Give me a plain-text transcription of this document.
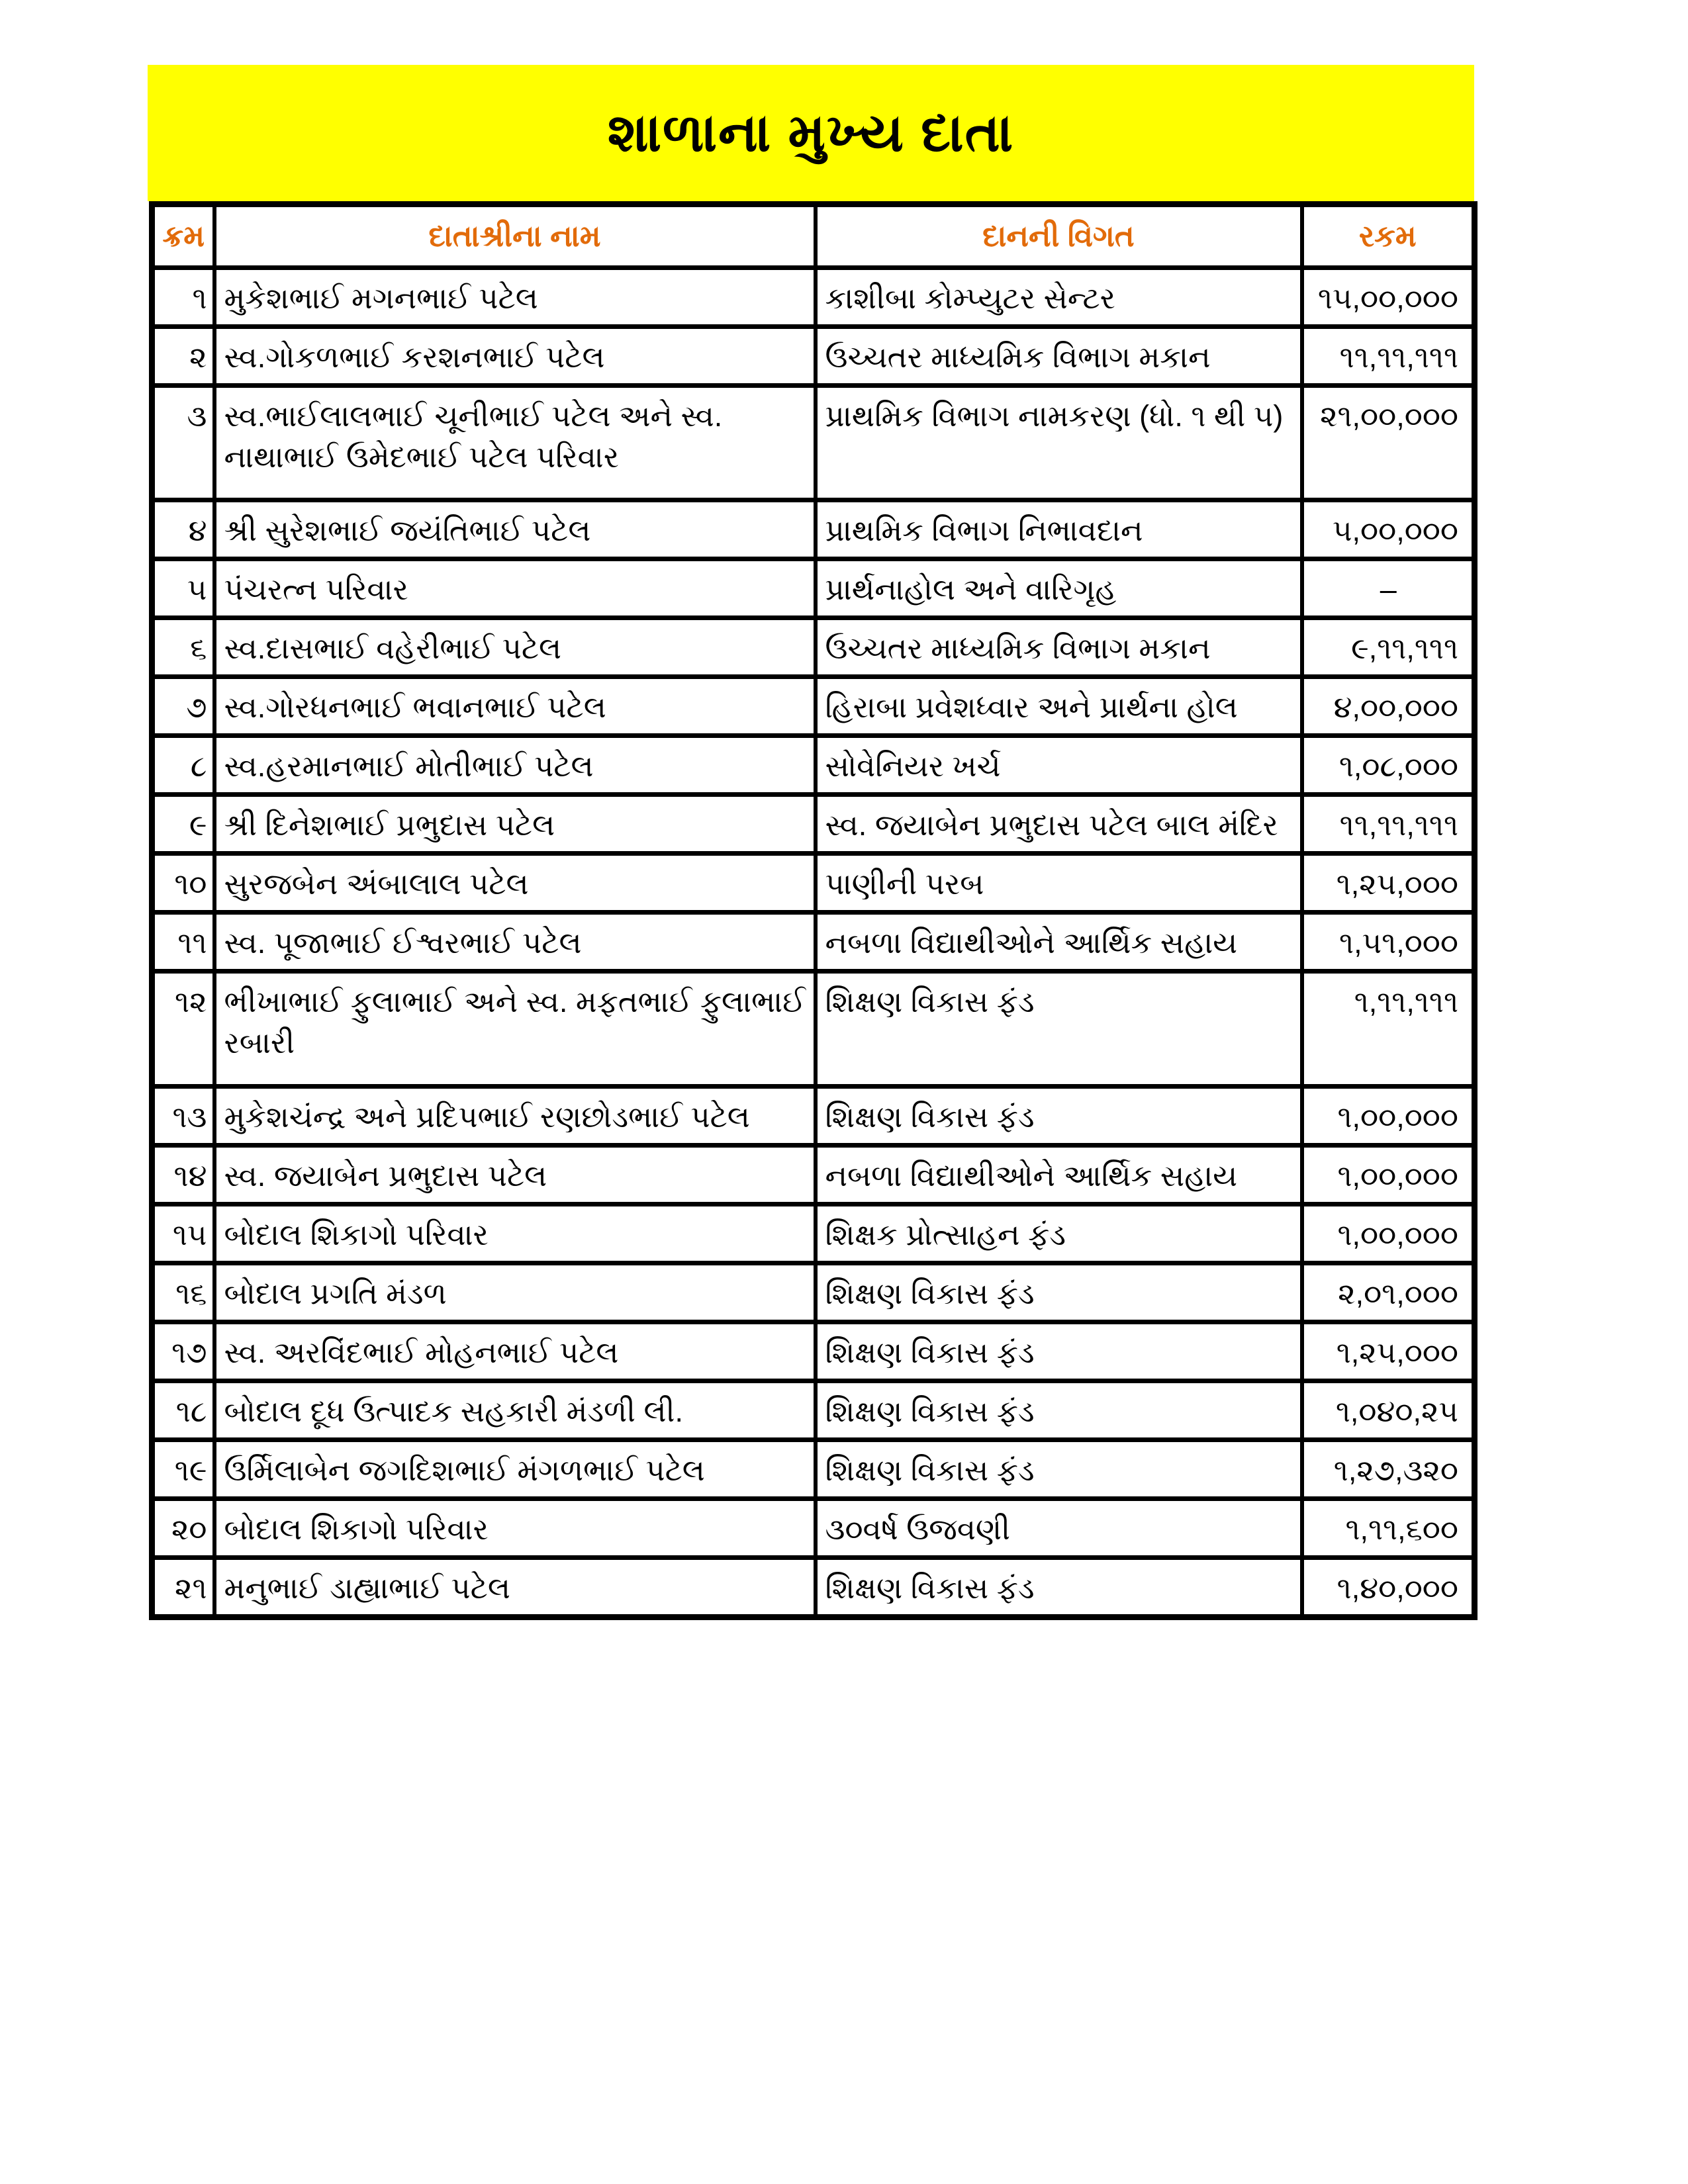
શાળાના મુખ્ય દાતા
ક્રમ	દાતાશ્રીના નામ	દાનની વિગત	રકમ
૧	મુકેશભાઈ મગનભાઈ પટેલ	કાશીબા કોમ્પ્યુટર સેન્ટર	૧૫,૦૦,૦૦૦
૨	સ્વ.ગોકળભાઈ કરશનભાઈ પટેલ	ઉચ્ચતર માધ્યમિક વિભાગ મકાન	૧૧,૧૧,૧૧૧
૩	સ્વ.ભાઈલાલભાઈ ચૂનીભાઈ પટેલ અને સ્વ. નાથાભાઈ ઉમેદભાઈ પટેલ પરિવાર	પ્રાથમિક વિભાગ નામકરણ (ધો. ૧ થી ૫)	૨૧,૦૦,૦૦૦
૪	શ્રી સુરેશભાઈ જયંતિભાઈ પટેલ	પ્રાથમિક વિભાગ નિભાવદાન	૫,૦૦,૦૦૦
૫	પંચરત્ન પરિવાર	પ્રાર્થનાહોલ અને વારિગૃહ	–
૬	સ્વ.દાસભાઈ વહેરીભાઈ પટેલ	ઉચ્ચતર માધ્યમિક વિભાગ મકાન	૯,૧૧,૧૧૧
૭	સ્વ.ગોરધનભાઈ ભવાનભાઈ પટેલ	હિરાબા પ્રવેશધ્વાર અને પ્રાર્થના હોલ	૪,૦૦,૦૦૦
૮	સ્વ.હરમાનભાઈ મોતીભાઈ પટેલ	સોવેનિયર ખર્ચ	૧,૦૮,૦૦૦
૯	શ્રી દિનેશભાઈ પ્રભુદાસ પટેલ	સ્વ. જયાબેન પ્રભુદાસ પટેલ બાલ મંદિર	૧૧,૧૧,૧૧૧
૧૦	સુરજબેન અંબાલાલ પટેલ	પાણીની પરબ	૧,૨૫,૦૦૦
૧૧	સ્વ. પૂજાભાઈ ઈશ્વરભાઈ પટેલ	નબળા વિદ્યાથીઓને આર્થિક સહાય	૧,૫૧,૦૦૦
૧૨	ભીખાભાઈ ફુલાભાઈ અને સ્વ. મફતભાઈ ફુલાભાઈ રબારી	શિક્ષણ વિકાસ ફંડ	૧,૧૧,૧૧૧
૧૩	મુકેશચંન્દ્ર અને પ્રદિપભાઈ રણછોડભાઈ પટેલ	શિક્ષણ વિકાસ ફંડ	૧,૦૦,૦૦૦
૧૪	સ્વ. જયાબેન પ્રભુદાસ પટેલ	નબળા વિદ્યાથીઓને આર્થિક સહાય	૧,૦૦,૦૦૦
૧૫	બોદાલ શિકાગો પરિવાર	શિક્ષક પ્રોત્સાહન ફંડ	૧,૦૦,૦૦૦
૧૬	બોદાલ પ્રગતિ મંડળ	શિક્ષણ વિકાસ ફંડ	૨,૦૧,૦૦૦
૧૭	સ્વ. અરવિંદભાઈ મોહનભાઈ પટેલ	શિક્ષણ વિકાસ ફંડ	૧,૨૫,૦૦૦
૧૮	બોદાલ દૂધ ઉત્પાદક સહકારી મંડળી લી.	શિક્ષણ વિકાસ ફંડ	૧,૦૪૦,૨૫
૧૯	ઉર્મિલાબેન જગદિશભાઈ મંગળભાઈ પટેલ	શિક્ષણ વિકાસ ફંડ	૧,૨૭,૩૨૦
૨૦	બોદાલ શિકાગો પરિવાર	૩૦વર્ષ ઉજવણી	૧,૧૧,૬૦૦
૨૧	મનુભાઈ ડાહ્યાભાઈ પટેલ	શિક્ષણ વિકાસ ફંડ	૧,૪૦,૦૦૦
